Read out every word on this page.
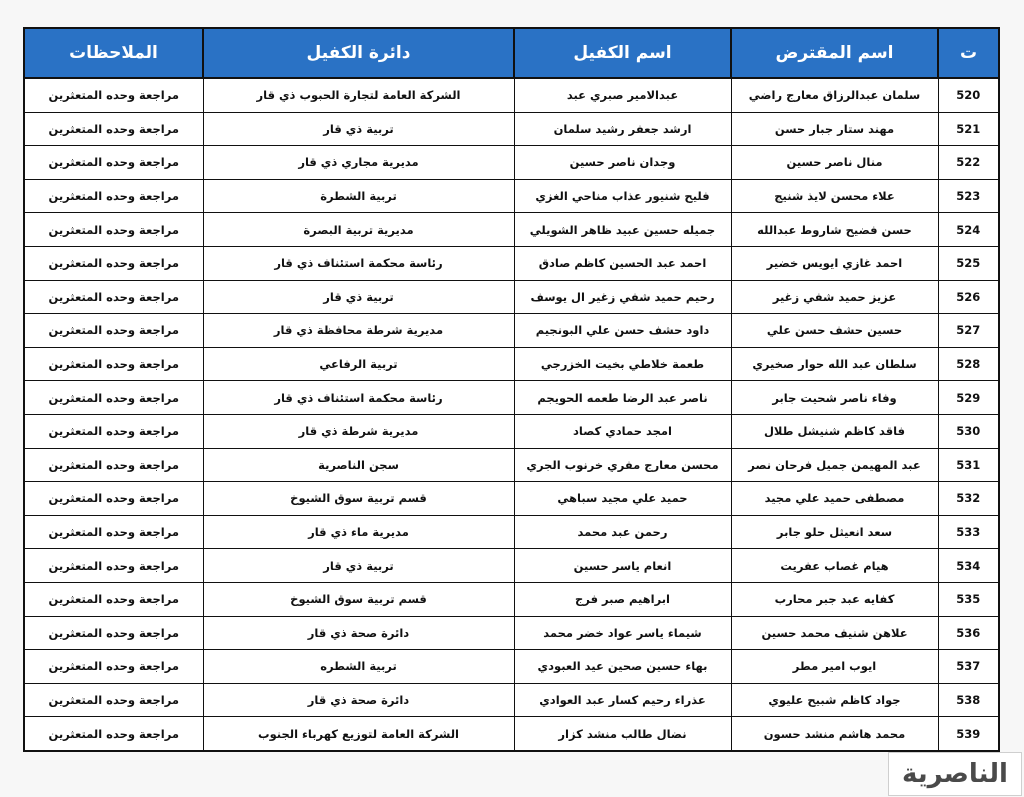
ت	اسم المقترض	اسم الكفيل	دائرة الكفيل	الملاحظات
520	سلمان عبدالرزاق معارج راضي	عبدالامير صبري عبد	الشركة العامة لتجارة الحبوب ذي قار	مراجعة وحده المتعثرين
521	مهند ستار جبار حسن	ارشد جعفر رشيد سلمان	تربية ذي قار	مراجعة وحده المتعثرين
522	منال ناصر حسين	وجدان ناصر حسين	مديرية مجاري ذي قار	مراجعة وحده المتعثرين
523	علاء محسن لايذ شنيج	فليح شنيور عذاب مناحي الغزي	تربية الشطرة	مراجعة وحده المتعثرين
524	حسن فضيح شاروط عبدالله	جميله حسين عبيد ظاهر الشويلي	مديرية تربية البصرة	مراجعة وحده المتعثرين
525	احمد غازي ايويس خضير	احمد عبد الحسين كاظم صادق	رئاسة محكمة استئناف ذي قار	مراجعة وحده المتعثرين
526	عزيز حميد شفي زغير	رحيم حميد شفي زغير ال يوسف	تربية ذي قار	مراجعة وحده المتعثرين
527	حسين حشف حسن علي	داود حشف حسن علي البونجيم	مديرية شرطة محافظة ذي قار	مراجعة وحده المتعثرين
528	سلطان عبد الله حوار صخيري	طعمة خلاطي بخيت الخزرجي	تربية الرفاعي	مراجعة وحده المتعثرين
529	وفاء ناصر شحيت جابر	ناصر عبد الرضا طعمه الحويجم	رئاسة محكمة استئناف ذي قار	مراجعة وحده المتعثرين
530	فاقد كاظم شنيشل طلال	امجد حمادي كصاد	مديرية شرطة ذي قار	مراجعة وحده المتعثرين
531	عبد المهيمن جميل فرحان نصر	محسن معارج مفري خرنوب الجري	سجن الناصرية	مراجعة وحده المتعثرين
532	مصطفى حميد علي مجيد	حميد علي مجيد سباهي	قسم تربية سوق الشيوخ	مراجعة وحده المتعثرين
533	سعد انعيثل حلو جابر	رحمن عبد محمد	مديرية ماء ذي قار	مراجعة وحده المتعثرين
534	هيام غصاب عفريت	انعام ياسر حسين	تربية ذي قار	مراجعة وحده المتعثرين
535	كفايه عبد جبر محارب	ابراهيم صبر فرج	قسم تربية سوق الشيوخ	مراجعة وحده المتعثرين
536	علاهن شنيف محمد حسين	شيماء ياسر عواد خضر محمد	دائرة صحة ذي قار	مراجعة وحده المتعثرين
537	ايوب امير مطر	بهاء حسين صحين عيد العبودي	تربية الشطره	مراجعة وحده المتعثرين
538	جواد كاظم شبيح عليوي	عذراء رحيم كسار عبد العوادي	دائرة صحة ذي قار	مراجعة وحده المتعثرين
539	محمد هاشم منشد حسون	نضال طالب منشد كزار	الشركة العامة لتوزيع كهرباء الجنوب	مراجعة وحده المتعثرين
الناصرية
